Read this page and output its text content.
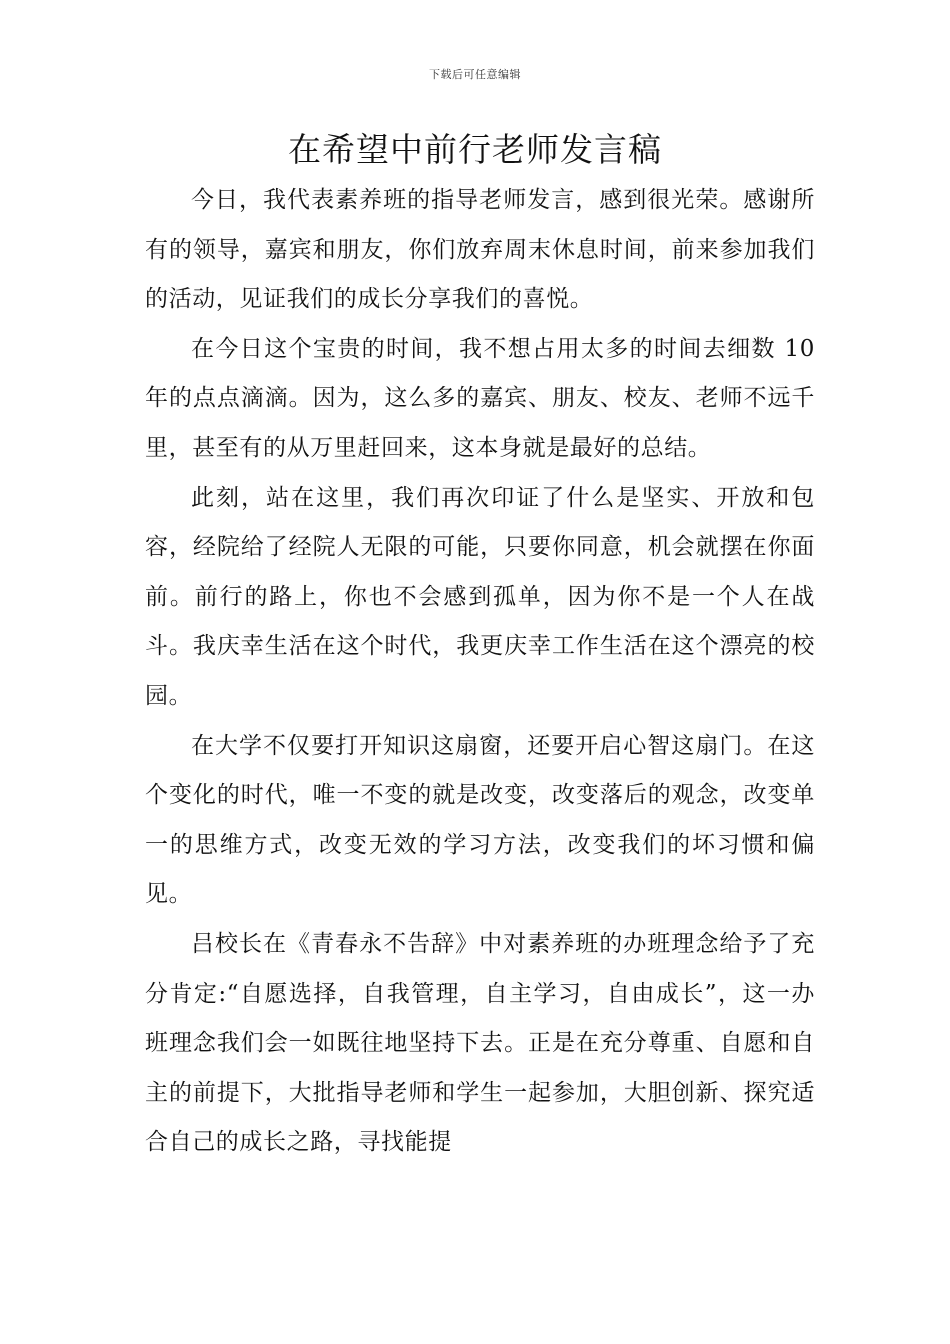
下载后可任意编辑
在希望中前行老师发言稿

今日，我代表素养班的指导老师发言，感到很光荣。感谢所有的领导，嘉宾和朋友，你们放弃周末休息时间，前来参加我们的活动，见证我们的成长分享我们的喜悦。

在今日这个宝贵的时间，我不想占用太多的时间去细数 10 年的点点滴滴。因为，这么多的嘉宾、朋友、校友、老师不远千里，甚至有的从万里赶回来，这本身就是最好的总结。

此刻，站在这里，我们再次印证了什么是坚实、开放和包容，经院给了经院人无限的可能，只要你同意，机会就摆在你面前。前行的路上，你也不会感到孤单，因为你不是一个人在战斗。我庆幸生活在这个时代，我更庆幸工作生活在这个漂亮的校园。

在大学不仅要打开知识这扇窗，还要开启心智这扇门。在这个变化的时代，唯一不变的就是改变，改变落后的观念，改变单一的思维方式，改变无效的学习方法，改变我们的坏习惯和偏见。

吕校长在《青春永不告辞》中对素养班的办班理念给予了充分肯定:“自愿选择，自我管理，自主学习，自由成长”，这一办班理念我们会一如既往地坚持下去。正是在充分尊重、自愿和自主的前提下，大批指导老师和学生一起参加，大胆创新、探究适合自己的成长之路，寻找能提
